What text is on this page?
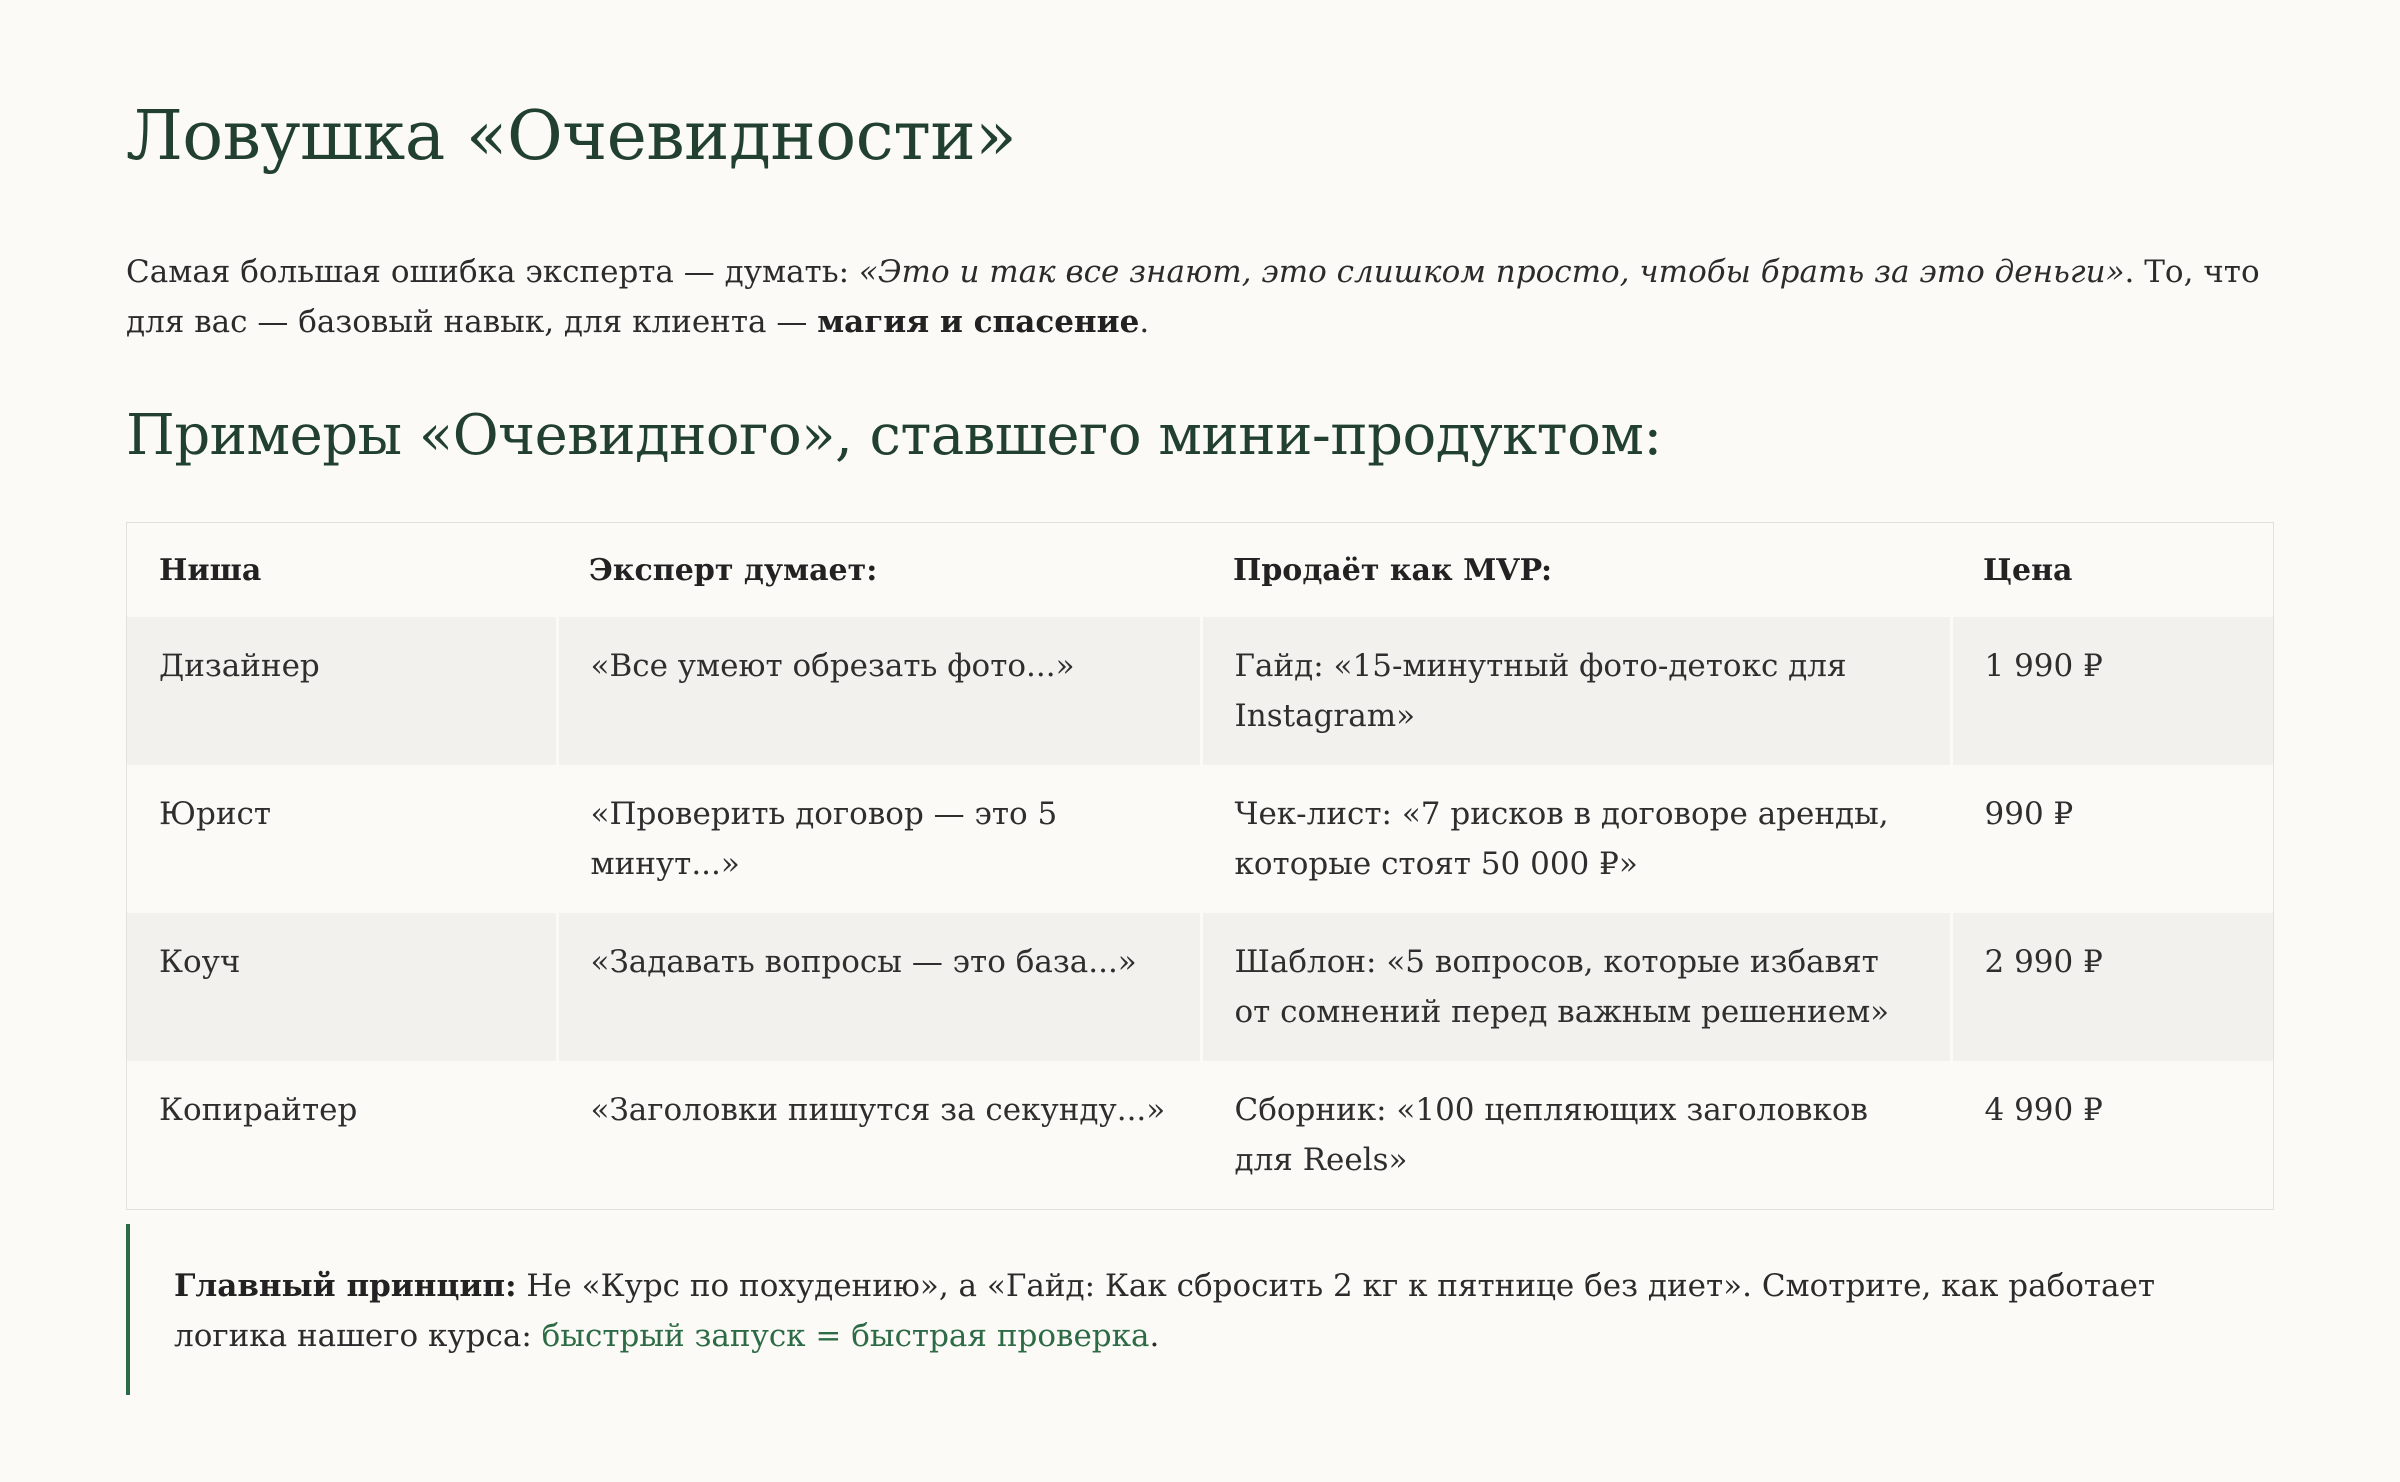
Ловушка «Очевидности»

Самая большая ошибка эксперта — думать: «Это и так все знают, это слишком просто, чтобы брать за это деньги». То, что для вас — базовый навык, для клиента — магия и спасение.

Примеры «Очевидного», ставшего мини-продуктом:
Ниша	Эксперт думает:	Продаёт как MVP:	Цена
Дизайнер	«Все умеют обрезать фото...»	Гайд: «15-минутный фото-детокс для Instagram»	1 990 ₽
Юрист	«Проверить договор — это 5 минут...»	Чек-лист: «7 рисков в договоре аренды, которые стоят 50 000 ₽»	990 ₽
Коуч	«Задавать вопросы — это база...»	Шаблон: «5 вопросов, которые избавят от сомнений перед важным решением»	2 990 ₽
Копирайтер	«Заголовки пишутся за секунду...»	Сборник: «100 цепляющих заголовков для Reels»	4 990 ₽
Главный принцип: Не «Курс по похудению», а «Гайд: Как сбросить 2 кг к пятнице без диет». Смотрите, как работает логика нашего курса: быстрый запуск = быстрая проверка.
